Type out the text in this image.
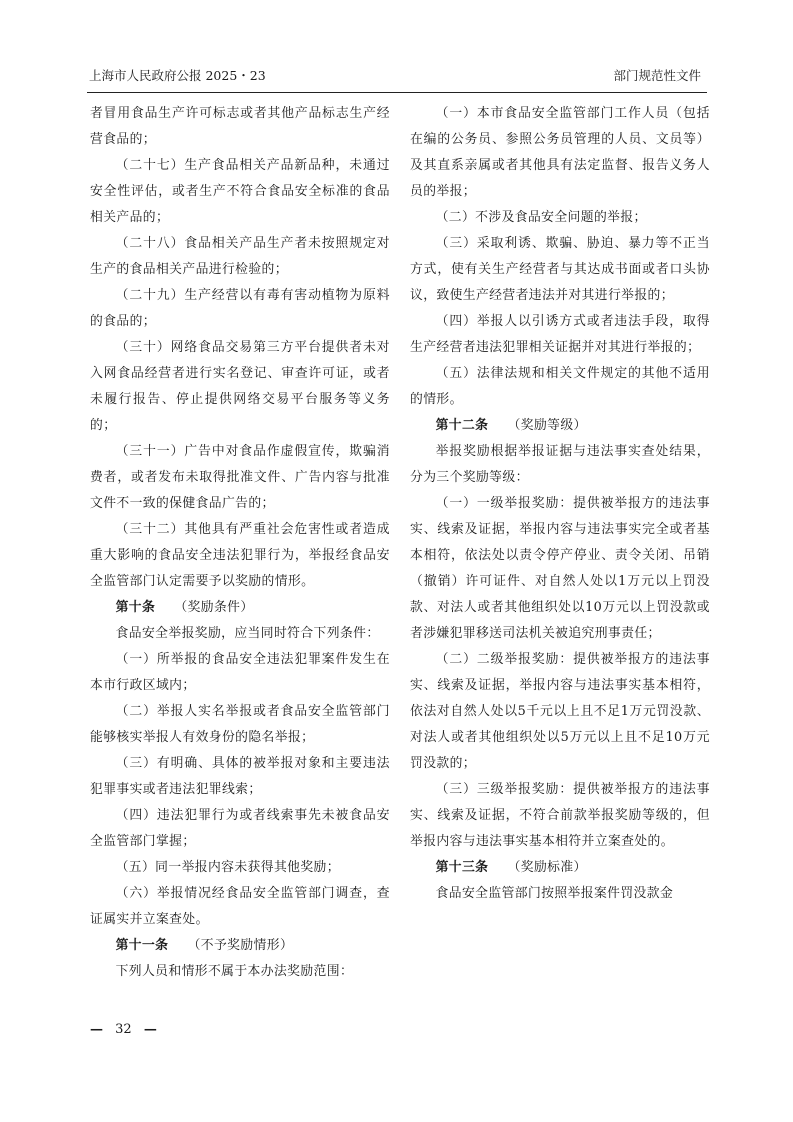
上海市人民政府公报 2025・23	部门规范性文件

者冒用食品生产许可标志或者其他产品标志生产经营食品的；

（二十七）生产食品相关产品新品种，未通过安全性评估，或者生产不符合食品安全标准的食品相关产品的；

（二十八）食品相关产品生产者未按照规定对生产的食品相关产品进行检验的；

（二十九）生产经营以有毒有害动植物为原料的食品的；

（三十）网络食品交易第三方平台提供者未对入网食品经营者进行实名登记、审查许可证，或者未履行报告、停止提供网络交易平台服务等义务的；

（三十一）广告中对食品作虚假宣传，欺骗消费者，或者发布未取得批准文件、广告内容与批准文件不一致的保健食品广告的；

（三十二）其他具有严重社会危害性或者造成重大影响的食品安全违法犯罪行为，举报经食品安全监管部门认定需要予以奖励的情形。

第十条 （奖励条件）

食品安全举报奖励，应当同时符合下列条件：

（一）所举报的食品安全违法犯罪案件发生在本市行政区域内；

（二）举报人实名举报或者食品安全监管部门能够核实举报人有效身份的隐名举报；

（三）有明确、具体的被举报对象和主要违法犯罪事实或者违法犯罪线索；

（四）违法犯罪行为或者线索事先未被食品安全监管部门掌握；

（五）同一举报内容未获得其他奖励；

（六）举报情况经食品安全监管部门调查，查证属实并立案查处。

第十一条 （不予奖励情形）

下列人员和情形不属于本办法奖励范围：

（一）本市食品安全监管部门工作人员（包括在编的公务员、参照公务员管理的人员、文员等）及其直系亲属或者其他具有法定监督、报告义务人员的举报；

（二）不涉及食品安全问题的举报；

（三）采取利诱、欺骗、胁迫、暴力等不正当方式，使有关生产经营者与其达成书面或者口头协议，致使生产经营者违法并对其进行举报的；

（四）举报人以引诱方式或者违法手段，取得生产经营者违法犯罪相关证据并对其进行举报的；

（五）法律法规和相关文件规定的其他不适用的情形。

第十二条 （奖励等级）

举报奖励根据举报证据与违法事实查处结果，分为三个奖励等级：

（一）一级举报奖励：提供被举报方的违法事实、线索及证据，举报内容与违法事实完全或者基本相符，依法处以责令停产停业、责令关闭、吊销（撤销）许可证件、对自然人处以1万元以上罚没款、对法人或者其他组织处以10万元以上罚没款或者涉嫌犯罪移送司法机关被追究刑事责任；

（二）二级举报奖励：提供被举报方的违法事实、线索及证据，举报内容与违法事实基本相符，依法对自然人处以5千元以上且不足1万元罚没款、对法人或者其他组织处以5万元以上且不足10万元罚没款的；

（三）三级举报奖励：提供被举报方的违法事实、线索及证据，不符合前款举报奖励等级的，但举报内容与违法事实基本相符并立案查处的。

第十三条 （奖励标准）

食品安全监管部门按照举报案件罚没款金

— 32 —
